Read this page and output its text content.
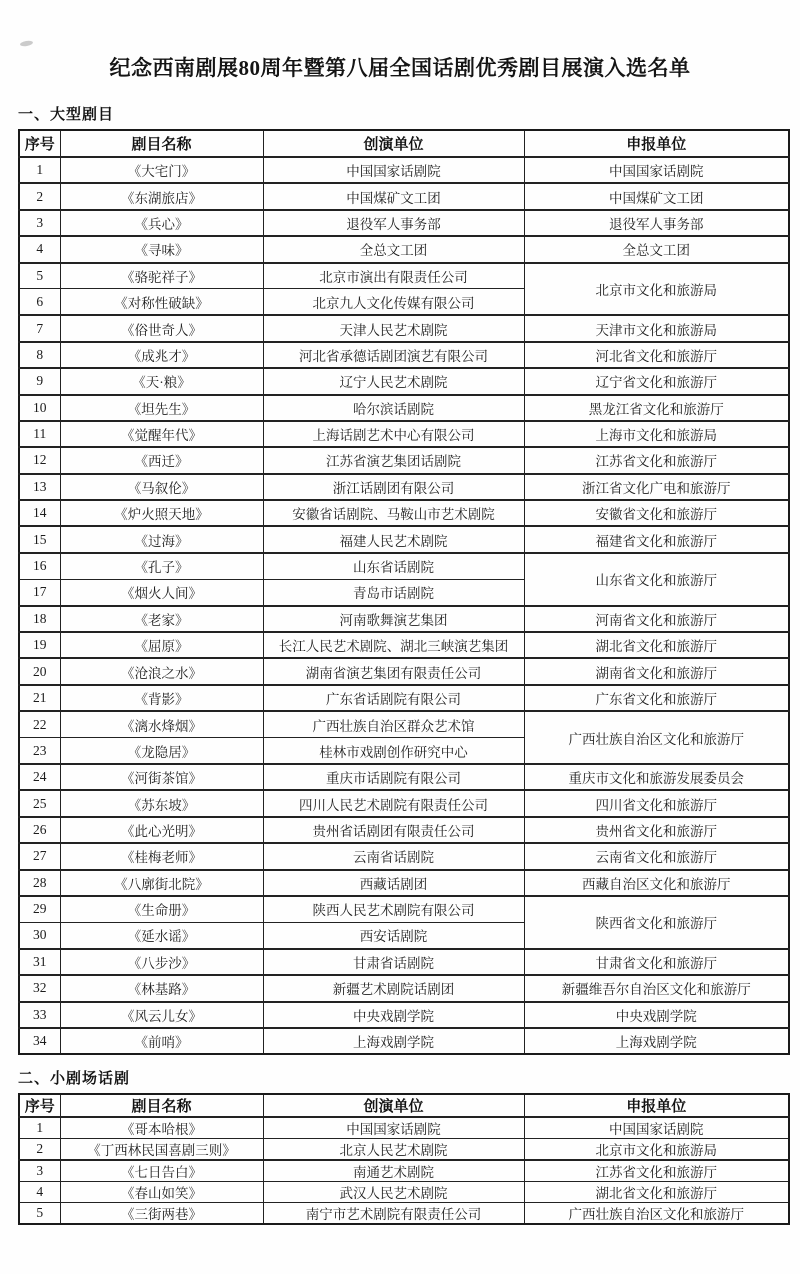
纪念西南剧展80周年暨第八届全国话剧优秀剧目展演入选名单
一、大型剧目
序号	剧目名称	创演单位	申报单位
1	《大宅门》	中国国家话剧院	中国国家话剧院
2	《东湖旅店》	中国煤矿文工团	中国煤矿文工团
3	《兵心》	退役军人事务部	退役军人事务部
4	《寻味》	全总文工团	全总文工团
5	《骆驼祥子》	北京市演出有限责任公司	北京市文化和旅游局
6	《对称性破缺》	北京九人文化传媒有限公司	
7	《俗世奇人》	天津人民艺术剧院	天津市文化和旅游局
8	《成兆才》	河北省承德话剧团演艺有限公司	河北省文化和旅游厅
9	《天·粮》	辽宁人民艺术剧院	辽宁省文化和旅游厅
10	《坦先生》	哈尔滨话剧院	黑龙江省文化和旅游厅
11	《觉醒年代》	上海话剧艺术中心有限公司	上海市文化和旅游局
12	《西迁》	江苏省演艺集团话剧院	江苏省文化和旅游厅
13	《马叙伦》	浙江话剧团有限公司	浙江省文化广电和旅游厅
14	《炉火照天地》	安徽省话剧院、马鞍山市艺术剧院	安徽省文化和旅游厅
15	《过海》	福建人民艺术剧院	福建省文化和旅游厅
16	《孔子》	山东省话剧院	山东省文化和旅游厅
17	《烟火人间》	青岛市话剧院	
18	《老家》	河南歌舞演艺集团	河南省文化和旅游厅
19	《屈原》	长江人民艺术剧院、湖北三峡演艺集团	湖北省文化和旅游厅
20	《沧浪之水》	湖南省演艺集团有限责任公司	湖南省文化和旅游厅
21	《背影》	广东省话剧院有限公司	广东省文化和旅游厅
22	《漓水烽烟》	广西壮族自治区群众艺术馆	广西壮族自治区文化和旅游厅
23	《龙隐居》	桂林市戏剧创作研究中心	
24	《河街茶馆》	重庆市话剧院有限公司	重庆市文化和旅游发展委员会
25	《苏东坡》	四川人民艺术剧院有限责任公司	四川省文化和旅游厅
26	《此心光明》	贵州省话剧团有限责任公司	贵州省文化和旅游厅
27	《桂梅老师》	云南省话剧院	云南省文化和旅游厅
28	《八廓街北院》	西藏话剧团	西藏自治区文化和旅游厅
29	《生命册》	陕西人民艺术剧院有限公司	陕西省文化和旅游厅
30	《延水谣》	西安话剧院	
31	《八步沙》	甘肃省话剧院	甘肃省文化和旅游厅
32	《林基路》	新疆艺术剧院话剧团	新疆维吾尔自治区文化和旅游厅
33	《风云儿女》	中央戏剧学院	中央戏剧学院
34	《前哨》	上海戏剧学院	上海戏剧学院
二、小剧场话剧
序号	剧目名称	创演单位	申报单位
1	《哥本哈根》	中国国家话剧院	中国国家话剧院
2	《丁西林民国喜剧三则》	北京人民艺术剧院	北京市文化和旅游局
3	《七日告白》	南通艺术剧院	江苏省文化和旅游厅
4	《春山如笑》	武汉人民艺术剧院	湖北省文化和旅游厅
5	《三街两巷》	南宁市艺术剧院有限责任公司	广西壮族自治区文化和旅游厅
